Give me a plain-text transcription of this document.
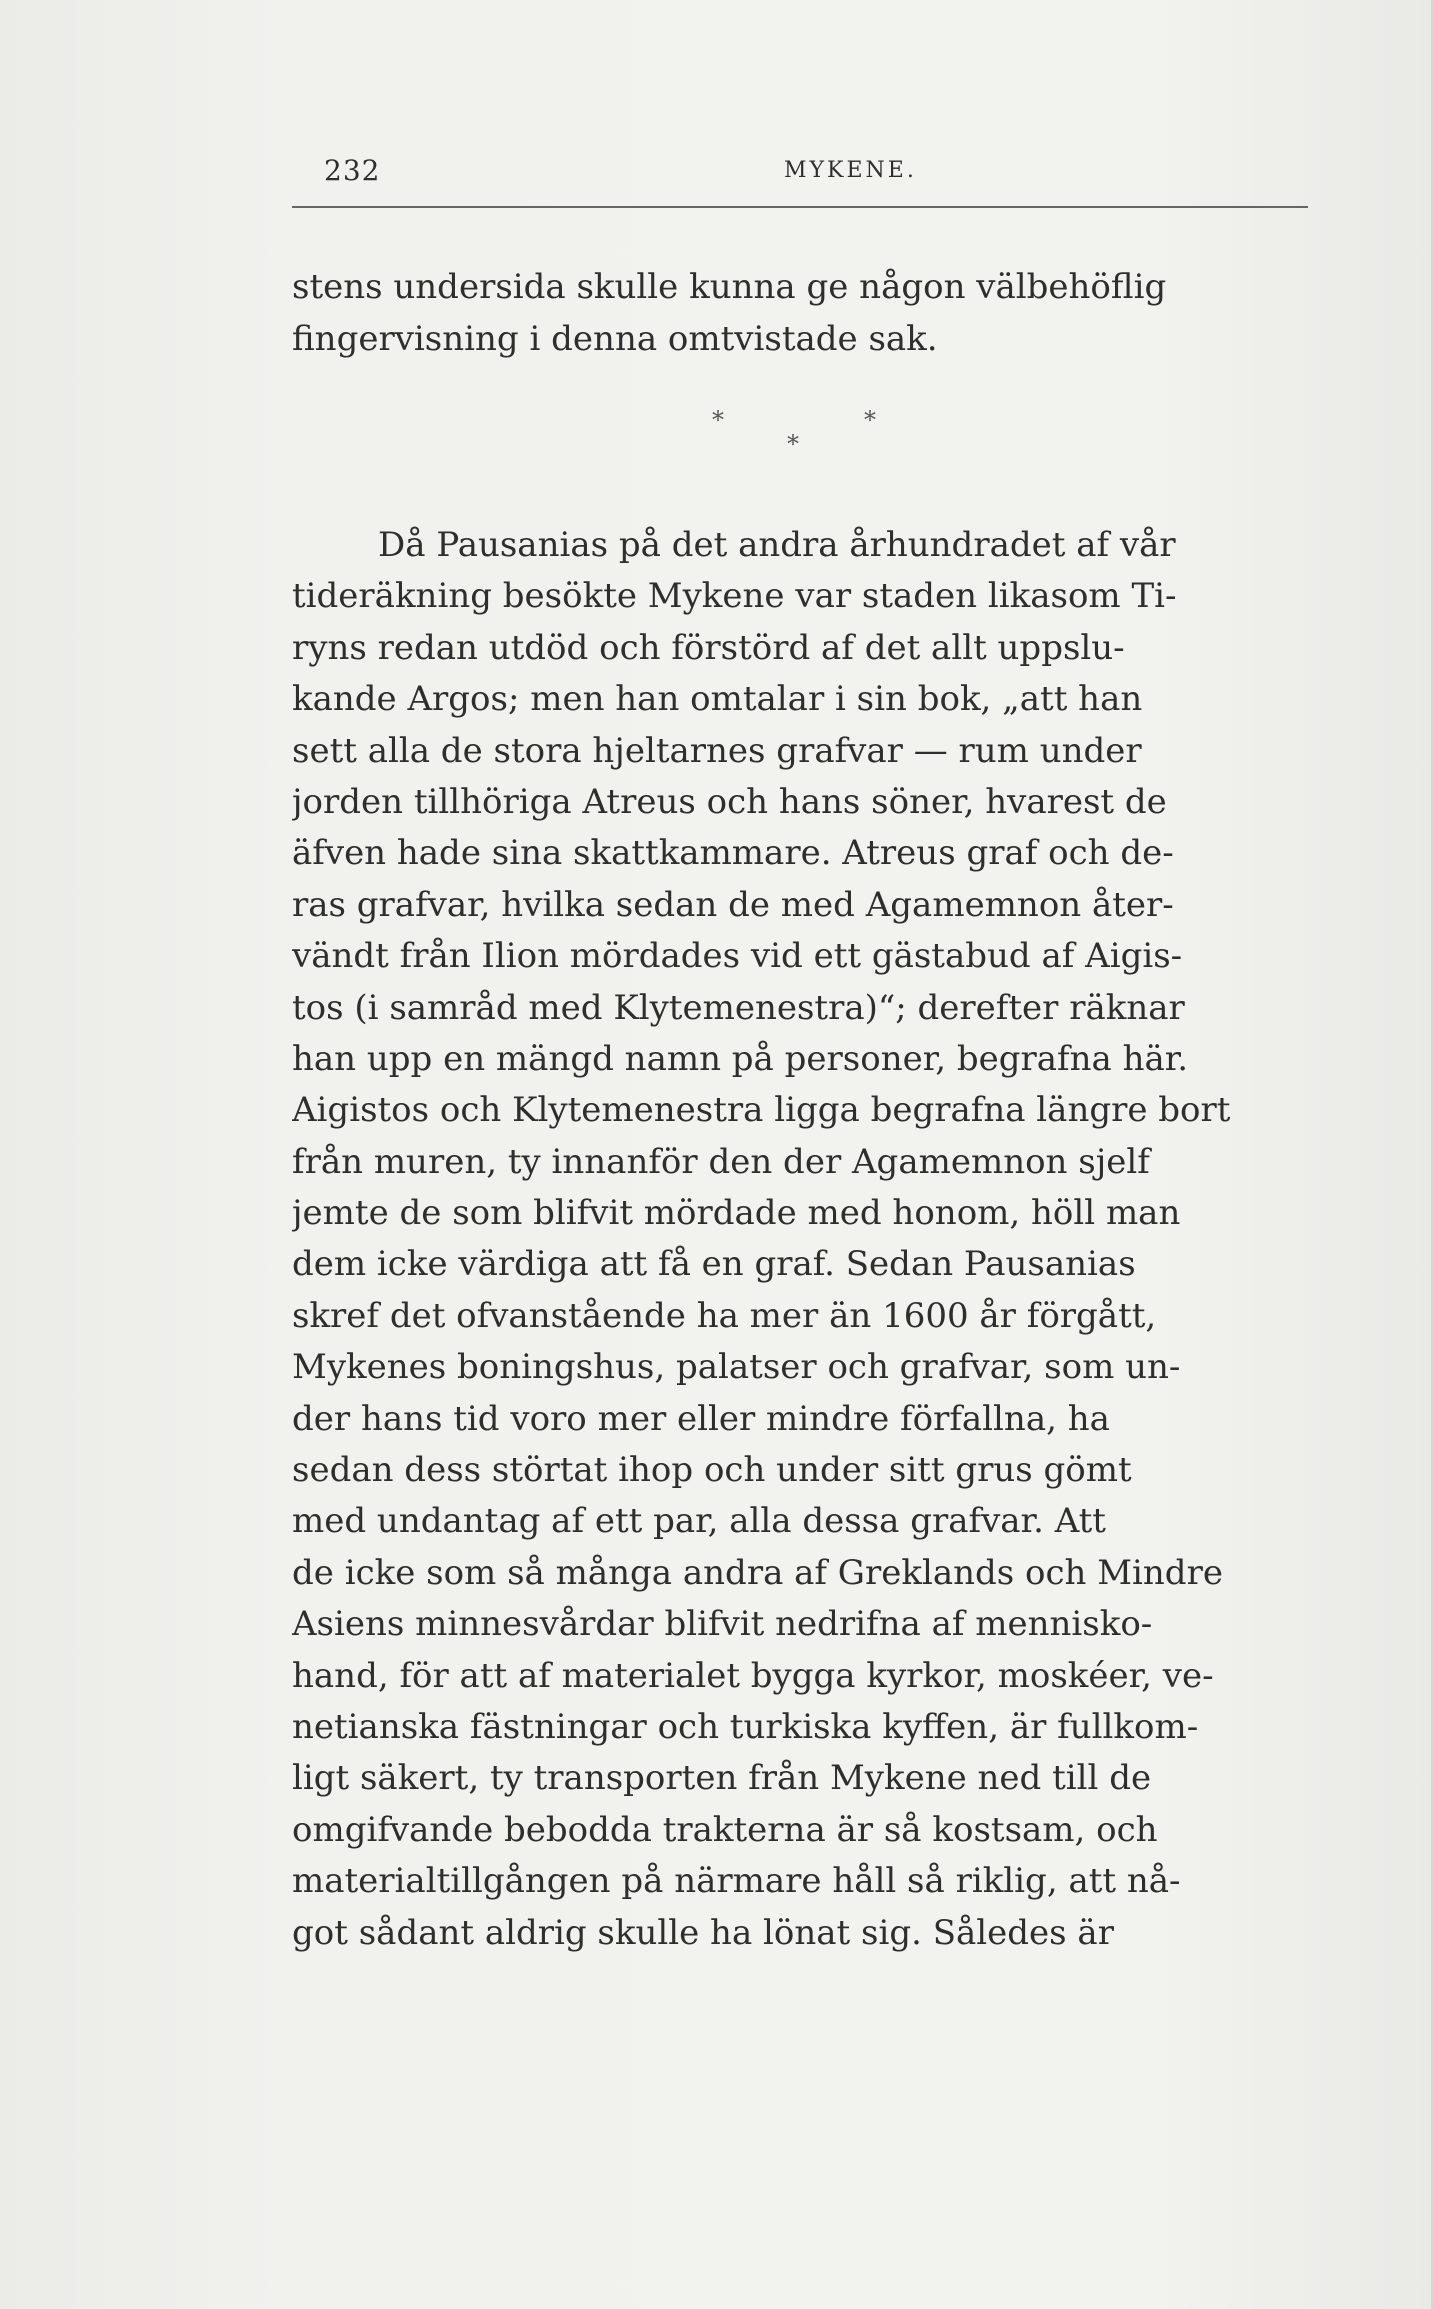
232	MYKENE.
stens undersida skulle kunna ge någon välbehöflig
fingervisning i denna omtvistade sak.
*	*
*
Då Pausanias på det andra århundradet af vår
tideräkning besökte Mykene var staden likasom Ti-
ryns redan utdöd och förstörd af det allt uppslu-
kande Argos; men han omtalar i sin bok, „att han
sett alla de stora hjeltarnes grafvar — rum under
jorden tillhöriga Atreus och hans söner, hvarest de
äfven hade sina skattkammare. Atreus graf och de-
ras grafvar, hvilka sedan de med Agamemnon åter-
vändt från Ilion mördades vid ett gästabud af Aigis-
tos (i samråd med Klytemenestra)“; derefter räknar
han upp en mängd namn på personer, begrafna här.
Aigistos och Klytemenestra ligga begrafna längre bort
från muren, ty innanför den der Agamemnon sjelf
jemte de som blifvit mördade med honom, höll man
dem icke värdiga att få en graf. Sedan Pausanias
skref det ofvanstående ha mer än 1600 år förgått,
Mykenes boningshus, palatser och grafvar, som un-
der hans tid voro mer eller mindre förfallna, ha
sedan dess störtat ihop och under sitt grus gömt
med undantag af ett par, alla dessa grafvar. Att
de icke som så många andra af Greklands och Mindre
Asiens minnesvårdar blifvit nedrifna af mennisko-
hand, för att af materialet bygga kyrkor, moskéer, ve-
netianska fästningar och turkiska kyffen, är fullkom-
ligt säkert, ty transporten från Mykene ned till de
omgifvande bebodda trakterna är så kostsam, och
materialtillgången på närmare håll så riklig, att nå-
got sådant aldrig skulle ha lönat sig. Således är
